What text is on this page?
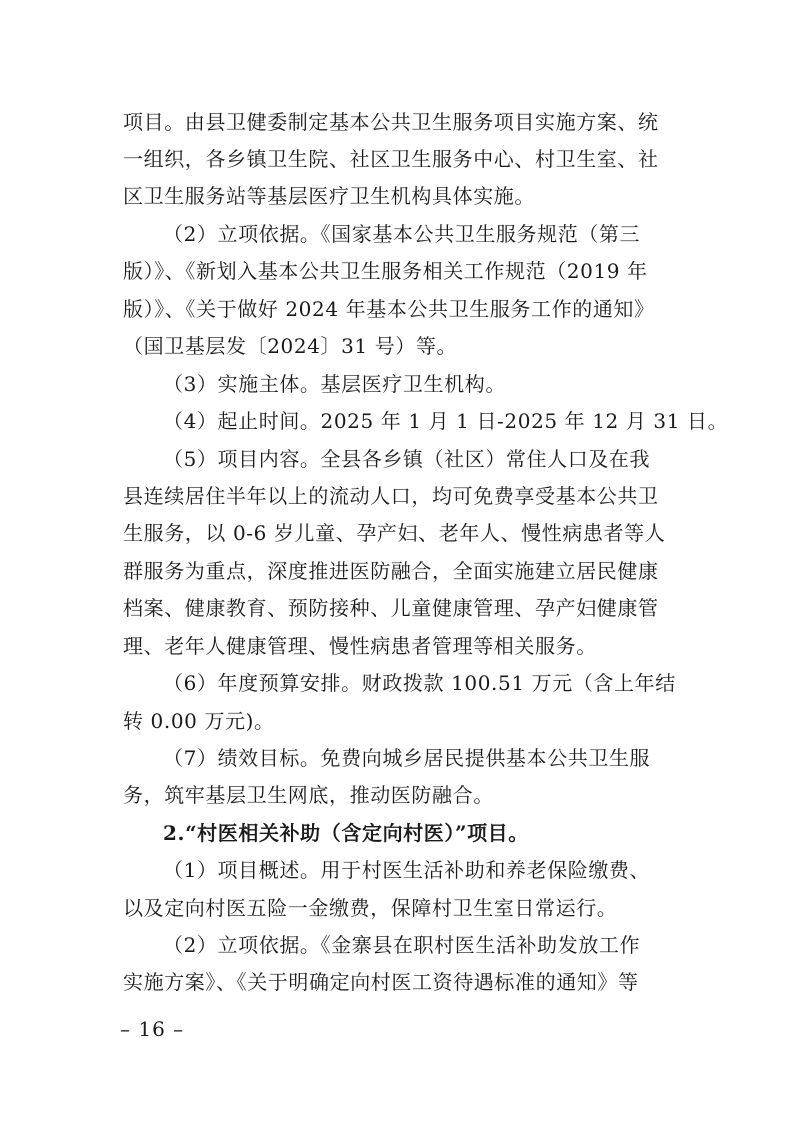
项目。由县卫健委制定基本公共卫生服务项目实施方案、统
一组织，各乡镇卫生院、社区卫生服务中心、村卫生室、社
区卫生服务站等基层医疗卫生机构具体实施。
（2）立项依据。《国家基本公共卫生服务规范（第三
版）》、《新划入基本公共卫生服务相关工作规范（2019 年
版）》、《关于做好 2024 年基本公共卫生服务工作的通知》
（国卫基层发〔2024〕31 号）等。
（3）实施主体。基层医疗卫生机构。
（4）起止时间。2025 年 1 月 1 日-2025 年 12 月 31 日。
（5）项目内容。全县各乡镇（社区）常住人口及在我
县连续居住半年以上的流动人口，均可免费享受基本公共卫
生服务，以 0-6 岁儿童、孕产妇、老年人、慢性病患者等人
群服务为重点，深度推进医防融合，全面实施建立居民健康
档案、健康教育、预防接种、儿童健康管理、孕产妇健康管
理、老年人健康管理、慢性病患者管理等相关服务。
（6）年度预算安排。财政拨款 100.51 万元（含上年结
转 0.00 万元)。
（7）绩效目标。免费向城乡居民提供基本公共卫生服
务，筑牢基层卫生网底，推动医防融合。
2.“村医相关补助（含定向村医）”项目。
（1）项目概述。用于村医生活补助和养老保险缴费、
以及定向村医五险一金缴费，保障村卫生室日常运行。
（2）立项依据。《金寨县在职村医生活补助发放工作
实施方案》、《关于明确定向村医工资待遇标准的通知》等
– 16 –
